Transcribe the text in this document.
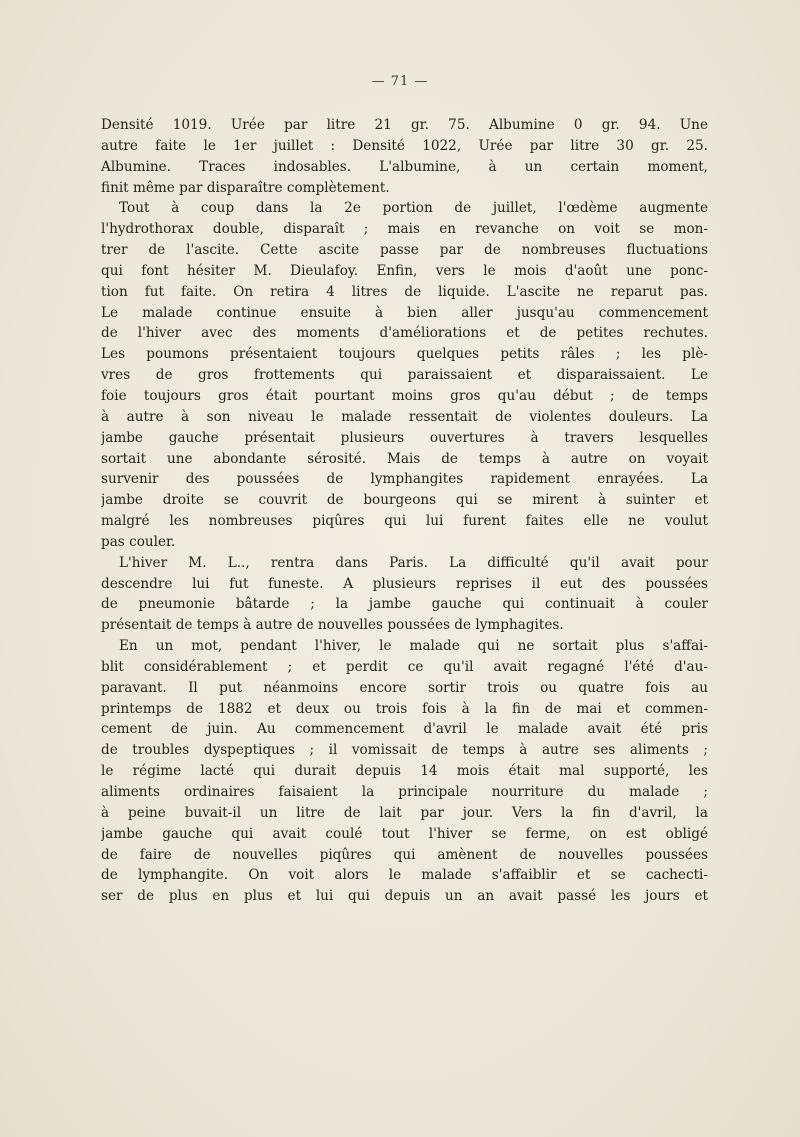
— 71 —
Densité 1019. Urée par litre 21 gr. 75. Albumine 0 gr. 94. Une
autre faite le 1er juillet : Densité 1022, Urée par litre 30 gr. 25.
Albumine. Traces indosables. L'albumine, à un certain moment,
finit même par disparaître complètement.
Tout à coup dans la 2e portion de juillet, l'œdème augmente
l'hydrothorax double, disparaît ; mais en revanche on voit se mon-
trer de l'ascite. Cette ascite passe par de nombreuses fluctuations
qui font hésiter M. Dieulafoy. Enfin, vers le mois d'août une ponc-
tion fut faite. On retira 4 litres de liquide. L'ascite ne reparut pas.
Le malade continue ensuite à bien aller jusqu'au commencement
de l'hiver avec des moments d'améliorations et de petites rechutes.
Les poumons présentaient toujours quelques petits râles ; les plè-
vres de gros frottements qui paraissaient et disparaissaient. Le
foie toujours gros était pourtant moins gros qu'au début ; de temps
à autre à son niveau le malade ressentait de violentes douleurs. La
jambe gauche présentait plusieurs ouvertures à travers lesquelles
sortait une abondante sérosité. Mais de temps à autre on voyait
survenir des poussées de lymphangites rapidement enrayées. La
jambe droite se couvrit de bourgeons qui se mirent à suinter et
malgré les nombreuses piqûres qui lui furent faites elle ne voulut
pas couler.
L'hiver M. L.., rentra dans Paris. La difficulté qu'il avait pour
descendre lui fut funeste. A plusieurs reprises il eut des poussées
de pneumonie bâtarde ; la jambe gauche qui continuait à couler
présentait de temps à autre de nouvelles poussées de lymphagites.
En un mot, pendant l'hiver, le malade qui ne sortait plus s'affai-
blit considérablement ; et perdit ce qu'il avait regagné l'été d'au-
paravant. Il put néanmoins encore sortir trois ou quatre fois au
printemps de 1882 et deux ou trois fois à la fin de mai et commen-
cement de juin. Au commencement d'avril le malade avait été pris
de troubles dyspeptiques ; il vomissait de temps à autre ses aliments ;
le régime lacté qui durait depuis 14 mois était mal supporté, les
aliments ordinaires faisaient la principale nourriture du malade ;
à peine buvait-il un litre de lait par jour. Vers la fin d'avril, la
jambe gauche qui avait coulé tout l'hiver se ferme, on est obligé
de faire de nouvelles piqûres qui amènent de nouvelles poussées
de lymphangite. On voit alors le malade s'affaiblir et se cachecti-
ser de plus en plus et lui qui depuis un an avait passé les jours et
